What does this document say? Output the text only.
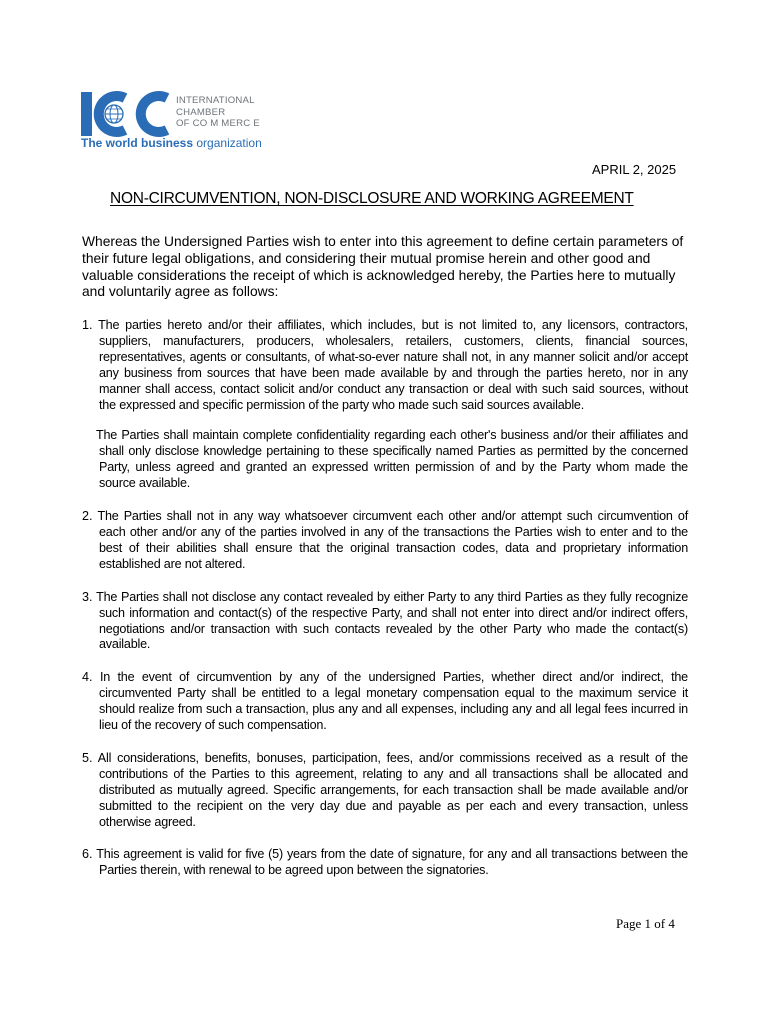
INTERNATIONAL
CHAMBER
OF CO M MERC E
The world business organization
APRIL 2, 2025
NON-CIRCUMVENTION, NON-DISCLOSURE AND WORKING AGREEMENT

Whereas the Undersigned Parties wish to enter into this agreement to define certain parameters of their future legal obligations, and considering their mutual promise herein and other good and valuable considerations the receipt of which is acknowledged hereby, the Parties here to mutually and voluntarily agree as follows:

1. The parties hereto and/or their affiliates, which includes, but is not limited to, any licensors, contractors, suppliers, manufacturers, producers, wholesalers, retailers, customers, clients, financial sources, representatives, agents or consultants, of what-so-ever nature shall not, in any manner solicit and/or accept any business from sources that have been made available by and through the parties hereto, nor in any manner shall access, contact solicit and/or conduct any transaction or deal with such said sources, without the expressed and specific permission of the party who made such said sources available.

The Parties shall maintain complete confidentiality regarding each other's business and/or their affiliates and shall only disclose knowledge pertaining to these specifically named Parties as permitted by the concerned Party, unless agreed and granted an expressed written permission of and by the Party whom made the source available.

2. The Parties shall not in any way whatsoever circumvent each other and/or attempt such circumvention of each other and/or any of the parties involved in any of the transactions the Parties wish to enter and to the best of their abilities shall ensure that the original transaction codes, data and proprietary information established are not altered.

3. The Parties shall not disclose any contact revealed by either Party to any third Parties as they fully recognize such information and contact(s) of the respective Party, and shall not enter into direct and/or indirect offers, negotiations and/or transaction with such contacts revealed by the other Party who made the contact(s) available.

4. In the event of circumvention by any of the undersigned Parties, whether direct and/or indirect, the circumvented Party shall be entitled to a legal monetary compensation equal to the maximum service it should realize from such a transaction, plus any and all expenses, including any and all legal fees incurred in lieu of the recovery of such compensation.

5. All considerations, benefits, bonuses, participation, fees, and/or commissions received as a result of the contributions of the Parties to this agreement, relating to any and all transactions shall be allocated and distributed as mutually agreed. Specific arrangements, for each transaction shall be made available and/or submitted to the recipient on the very day due and payable as per each and every transaction, unless otherwise agreed.

6. This agreement is valid for five (5) years from the date of signature, for any and all transactions between the Parties therein, with renewal to be agreed upon between the signatories.

Page 1 of 4
